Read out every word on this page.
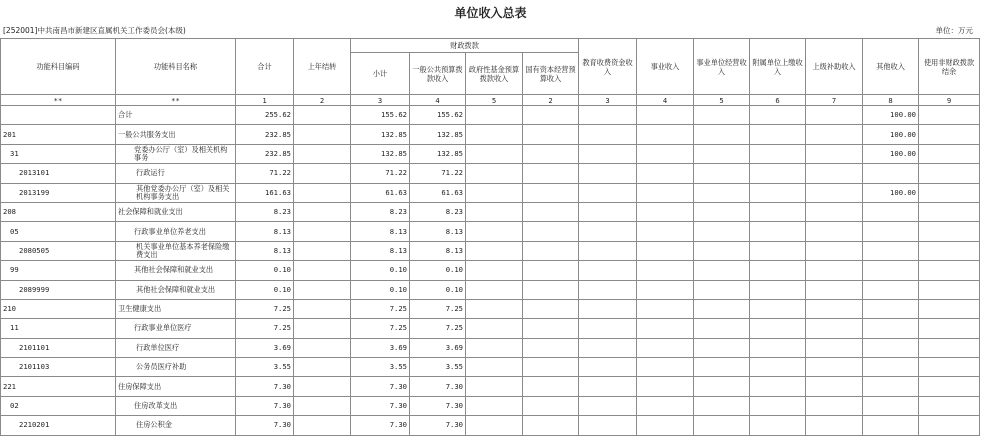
单位收入总表
[252001]中共南昌市新建区直属机关工作委员会(本级)	单位：万元
功能科目编码	功能科目名称	合计	上年结转	财政拨款				教育收费资金收入	事业收入	事业单位经营收入	附属单位上缴收入	上级补助收入	其他收入	使用非财政拨款结余
				小计	一般公共预算拨款收入	政府性基金预算拨款收入	国有资本经营预算收入							
**	**	1	2	3	4	5	2	3	4	5	6	7	8	9
	合计	255.62		155.62	155.62								100.00	
201	一般公共服务支出	232.85		132.85	132.85								100.00	
31	党委办公厅（室）及相关机构事务	232.85		132.85	132.85								100.00	
2013101	行政运行	71.22		71.22	71.22									
2013199	其他党委办公厅（室）及相关机构事务支出	161.63		61.63	61.63								100.00	
208	社会保障和就业支出	8.23		8.23	8.23									
05	行政事业单位养老支出	8.13		8.13	8.13									
2080505	机关事业单位基本养老保险缴费支出	8.13		8.13	8.13									
99	其他社会保障和就业支出	0.10		0.10	0.10									
2089999	其他社会保障和就业支出	0.10		0.10	0.10									
210	卫生健康支出	7.25		7.25	7.25									
11	行政事业单位医疗	7.25		7.25	7.25									
2101101	行政单位医疗	3.69		3.69	3.69									
2101103	公务员医疗补助	3.55		3.55	3.55									
221	住房保障支出	7.30		7.30	7.30									
02	住房改革支出	7.30		7.30	7.30									
2210201	住房公积金	7.30		7.30	7.30									
